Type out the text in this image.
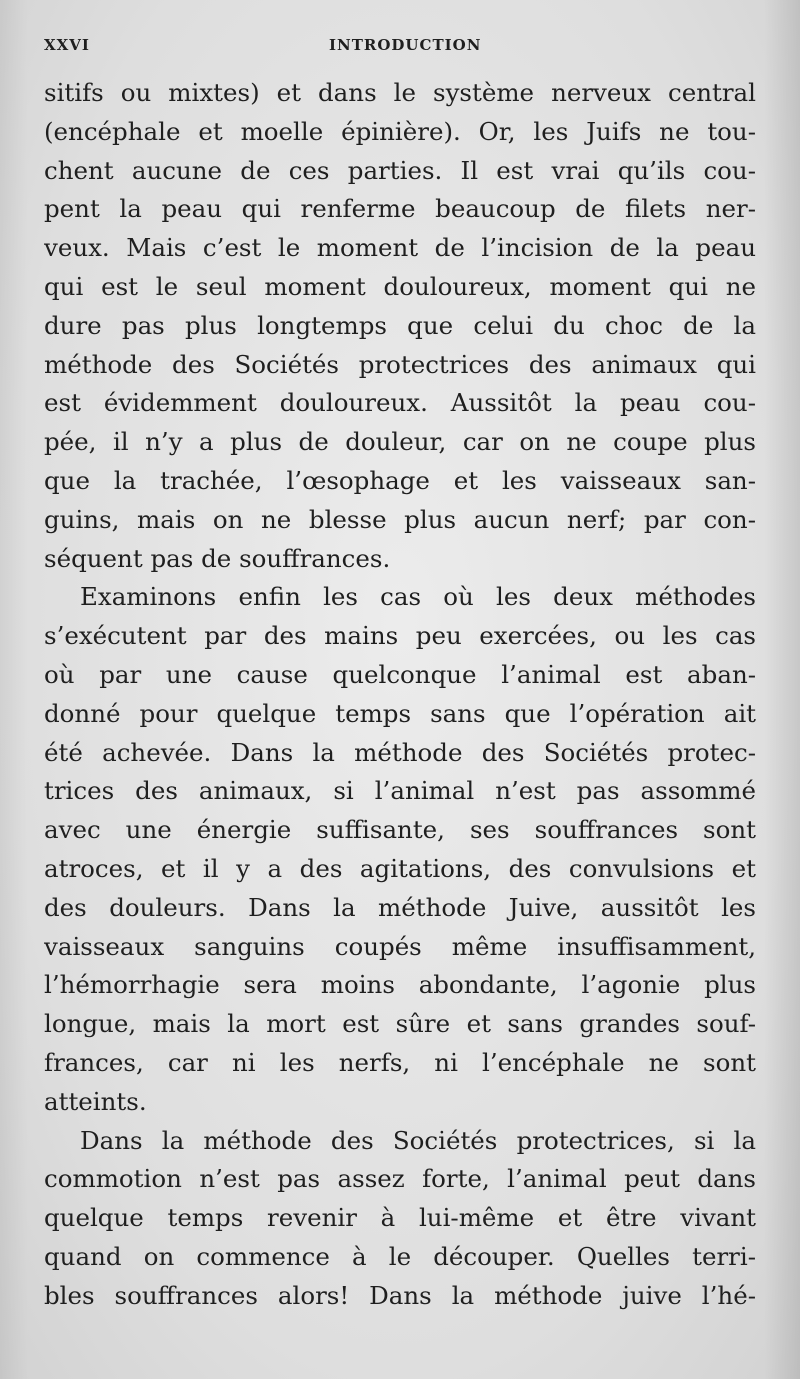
XXVI	INTRODUCTION
sitifs ou mixtes) et dans le système nerveux central
(encéphale et moelle épinière). Or, les Juifs ne tou-
chent aucune de ces parties. Il est vrai qu’ils cou-
pent la peau qui renferme beaucoup de filets ner-
veux. Mais c’est le moment de l’incision de la peau
qui est le seul moment douloureux, moment qui ne
dure pas plus longtemps que celui du choc de la
méthode des Sociétés protectrices des animaux qui
est évidemment douloureux. Aussitôt la peau cou-
pée, il n’y a plus de douleur, car on ne coupe plus
que la trachée, l’œsophage et les vaisseaux san-
guins, mais on ne blesse plus aucun nerf; par con-
séquent pas de souffrances.
Examinons enfin les cas où les deux méthodes
s’exécutent par des mains peu exercées, ou les cas
où par une cause quelconque l’animal est aban-
donné pour quelque temps sans que l’opération ait
été achevée. Dans la méthode des Sociétés protec-
trices des animaux, si l’animal n’est pas assommé
avec une énergie suffisante, ses souffrances sont
atroces, et il y a des agitations, des convulsions et
des douleurs. Dans la méthode Juive, aussitôt les
vaisseaux sanguins coupés même insuffisamment,
l’hémorrhagie sera moins abondante, l’agonie plus
longue, mais la mort est sûre et sans grandes souf-
frances, car ni les nerfs, ni l’encéphale ne sont
atteints.
Dans la méthode des Sociétés protectrices, si la
commotion n’est pas assez forte, l’animal peut dans
quelque temps revenir à lui-même et être vivant
quand on commence à le découper. Quelles terri-
bles souffrances alors! Dans la méthode juive l’hé-
